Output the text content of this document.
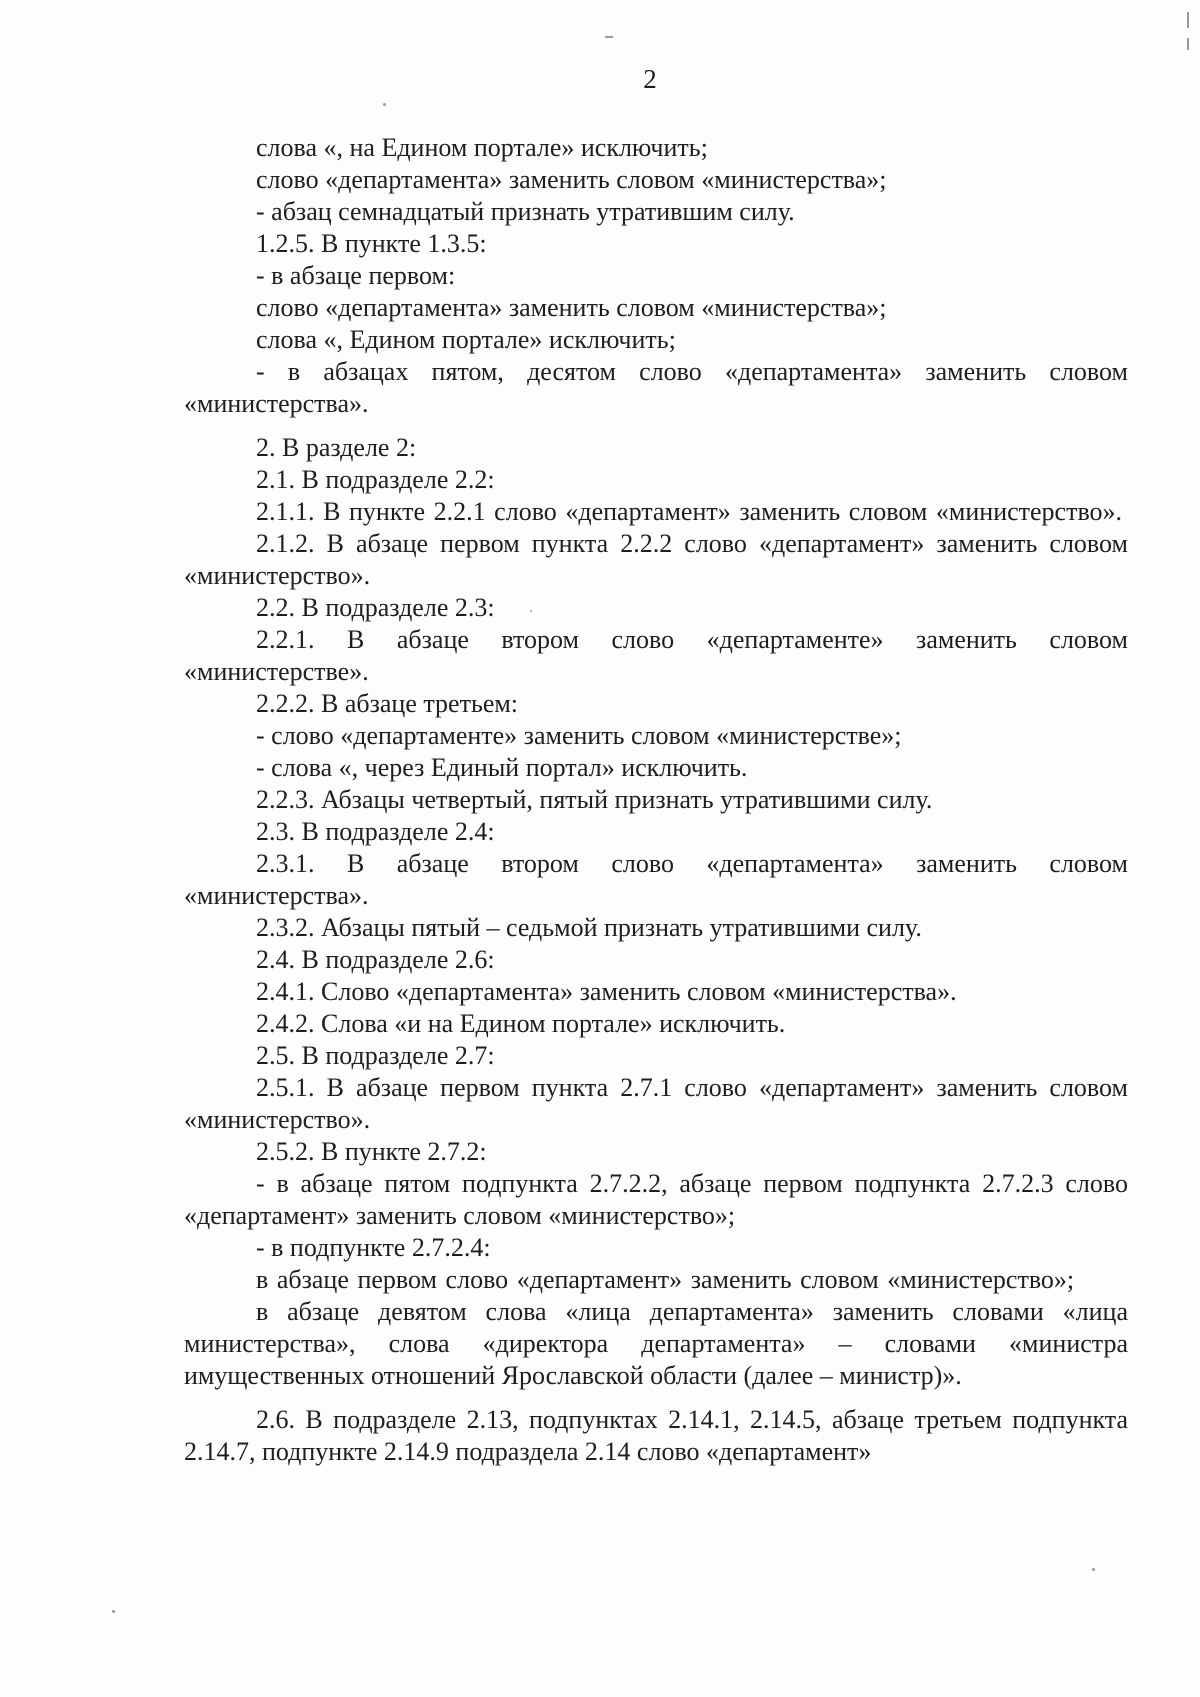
2

слова «, на Едином портале» исключить;

слово «департамента» заменить словом «министерства»;

- абзац семнадцатый признать утратившим силу.

1.2.5. В пункте 1.3.5:

- в абзаце первом:

слово «департамента» заменить словом «министерства»;

слова «, Едином портале» исключить;

- в абзацах пятом, десятом слово «департамента» заменить словом «министерства».

2. В разделе 2:

2.1. В подразделе 2.2:

2.1.1. В пункте 2.2.1 слово «департамент» заменить словом «министерство».

2.1.2. В абзаце первом пункта 2.2.2 слово «департамент» заменить словом «министерство».

2.2. В подразделе 2.3:

2.2.1. В абзаце втором слово «департаменте» заменить словом «министерстве».

2.2.2. В абзаце третьем:

- слово «департаменте» заменить словом «министерстве»;

- слова «, через Единый портал» исключить.

2.2.3. Абзацы четвертый, пятый признать утратившими силу.

2.3. В подразделе 2.4:

2.3.1. В абзаце втором слово «департамента» заменить словом «министерства».

2.3.2. Абзацы пятый – седьмой признать утратившими силу.

2.4. В подразделе 2.6:

2.4.1. Слово «департамента» заменить словом «министерства».

2.4.2. Слова «и на Едином портале» исключить.

2.5. В подразделе 2.7:

2.5.1. В абзаце первом пункта 2.7.1 слово «департамент» заменить словом «министерство».

2.5.2. В пункте 2.7.2:

- в абзаце пятом подпункта 2.7.2.2, абзаце первом подпункта 2.7.2.3 слово «департамент» заменить словом «министерство»;

- в подпункте 2.7.2.4:

в абзаце первом слово «департамент» заменить словом «министерство»;

в абзаце девятом слова «лица департамента» заменить словами «лица министерства», слова «директора департамента» – словами «министра имущественных отношений Ярославской области (далее – министр)».

2.6. В подразделе 2.13, подпунктах 2.14.1, 2.14.5, абзаце третьем подпункта 2.14.7, подпункте 2.14.9 подраздела 2.14 слово «департамент»
